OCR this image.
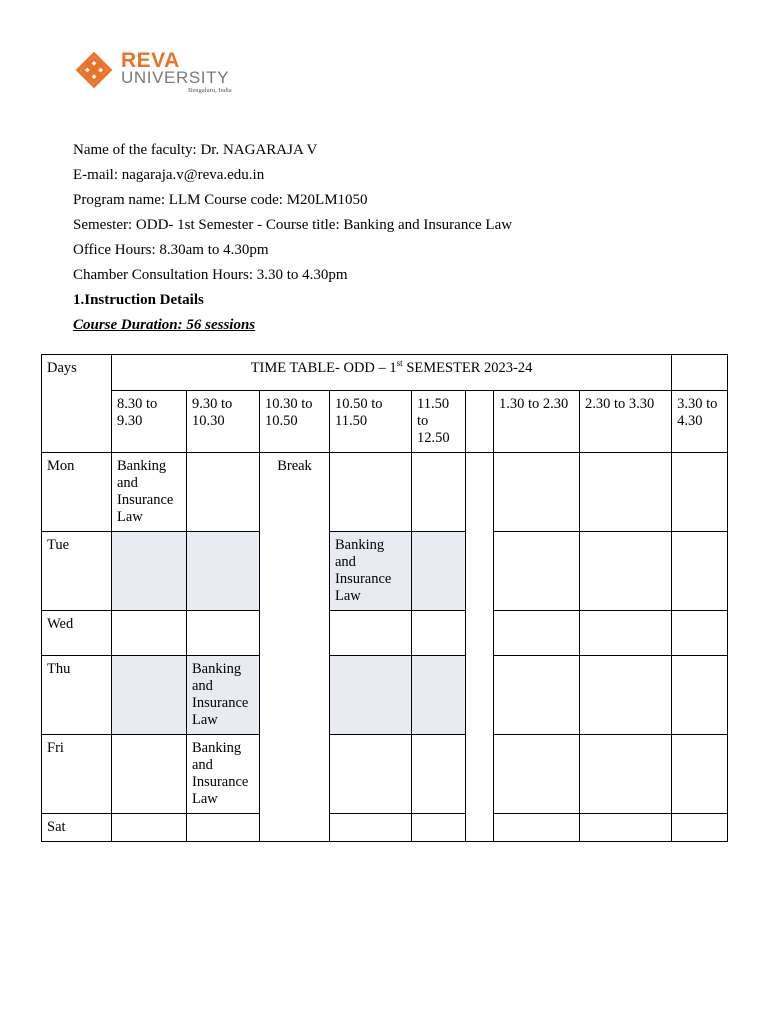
REVA
UNIVERSITY
Bengaluru, India
Name of the faculty: Dr. NAGARAJA V
E-mail: nagaraja.v@reva.edu.in
Program name: LLM Course code: M20LM1050
Semester: ODD- 1st Semester - Course title: Banking and Insurance Law
Office Hours: 8.30am to 4.30pm
Chamber Consultation Hours: 3.30 to 4.30pm
1.Instruction Details
Course Duration: 56 sessions
Days	TIME TABLE- ODD – 1st SEMESTER 2023-24								
	8.30 to 9.30	9.30 to 10.30	10.30 to 10.50	10.50 to 11.50	11.50 to 12.50		1.30 to 2.30	2.30 to 3.30	3.30 to 4.30
Mon	Banking and Insurance Law		Break						
Tue				Banking and Insurance Law					
Wed									
Thu		Banking and Insurance Law							
Fri		Banking and Insurance Law							
Sat									
